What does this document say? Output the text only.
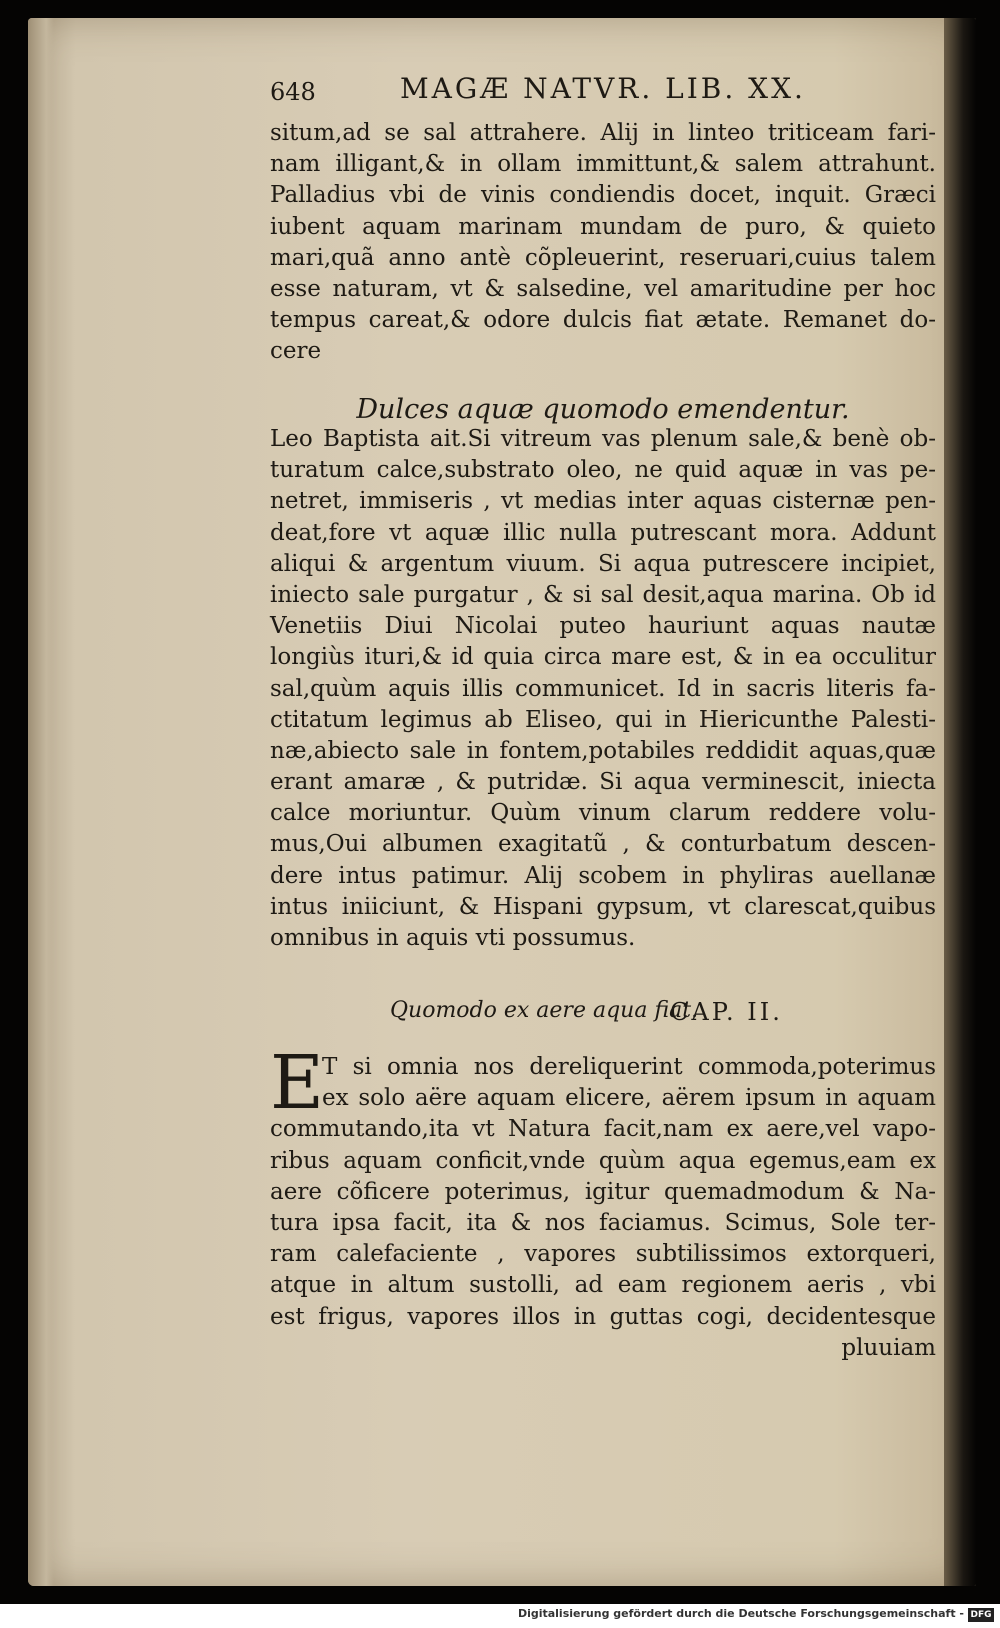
648	MAGÆ NATVR. LIB. XX.
situm,ad se sal attrahere. Alij in linteo triticeam fari-
nam illigant,& in ollam immittunt,& salem attrahunt.
Palladius vbi de vinis condiendis docet, inquit. Græci
iubent aquam marinam mundam de puro, & quieto
mari,quã anno antè cõpleuerint, reseruari,cuius talem
esse naturam, vt & salsedine, vel amaritudine per hoc
tempus careat,& odore dulcis fiat ætate. Remanet do-
cere
Dulces aquæ quomodo emendentur.
Leo Baptista ait.Si vitreum vas plenum sale,& benè ob-
turatum calce,substrato oleo, ne quid aquæ in vas pe-
netret, immiseris , vt medias inter aquas cisternæ pen-
deat,fore vt aquæ illic nulla putrescant mora. Addunt
aliqui & argentum viuum. Si aqua putrescere incipiet,
iniecto sale purgatur , & si sal desit,aqua marina. Ob id
Venetiis Diui Nicolai puteo hauriunt aquas nautæ
longiùs ituri,& id quia circa mare est, & in ea occulitur
sal,quùm aquis illis communicet. Id in sacris literis fa-
ctitatum legimus ab Eliseo, qui in Hiericunthe Palesti-
næ,abiecto sale in fontem,potabiles reddidit aquas,quæ
erant amaræ , & putridæ. Si aqua verminescit, iniecta
calce moriuntur. Quùm vinum clarum reddere volu-
mus,Oui albumen exagitatũ , & conturbatum descen-
dere intus patimur. Alij scobem in phyliras auellanæ
intus iniiciunt, & Hispani gypsum, vt clarescat,quibus
omnibus in aquis vti possumus.
Quomodo ex aere aqua fiat.
CAP. II.
E
T si omnia nos dereliquerint commoda,poterimus
ex solo aëre aquam elicere, aërem ipsum in aquam
commutando,ita vt Natura facit,nam ex aere,vel vapo-
ribus aquam conficit,vnde quùm aqua egemus,eam ex
aere cõficere poterimus, igitur quemadmodum & Na-
tura ipsa facit, ita & nos faciamus. Scimus, Sole ter-
ram calefaciente , vapores subtilissimos extorqueri,
atque in altum sustolli, ad eam regionem aeris , vbi
est frigus, vapores illos in guttas cogi, decidentesque
pluuiam
Digitalisierung gefördert durch die Deutsche Forschungsgemeinschaft - DFG
